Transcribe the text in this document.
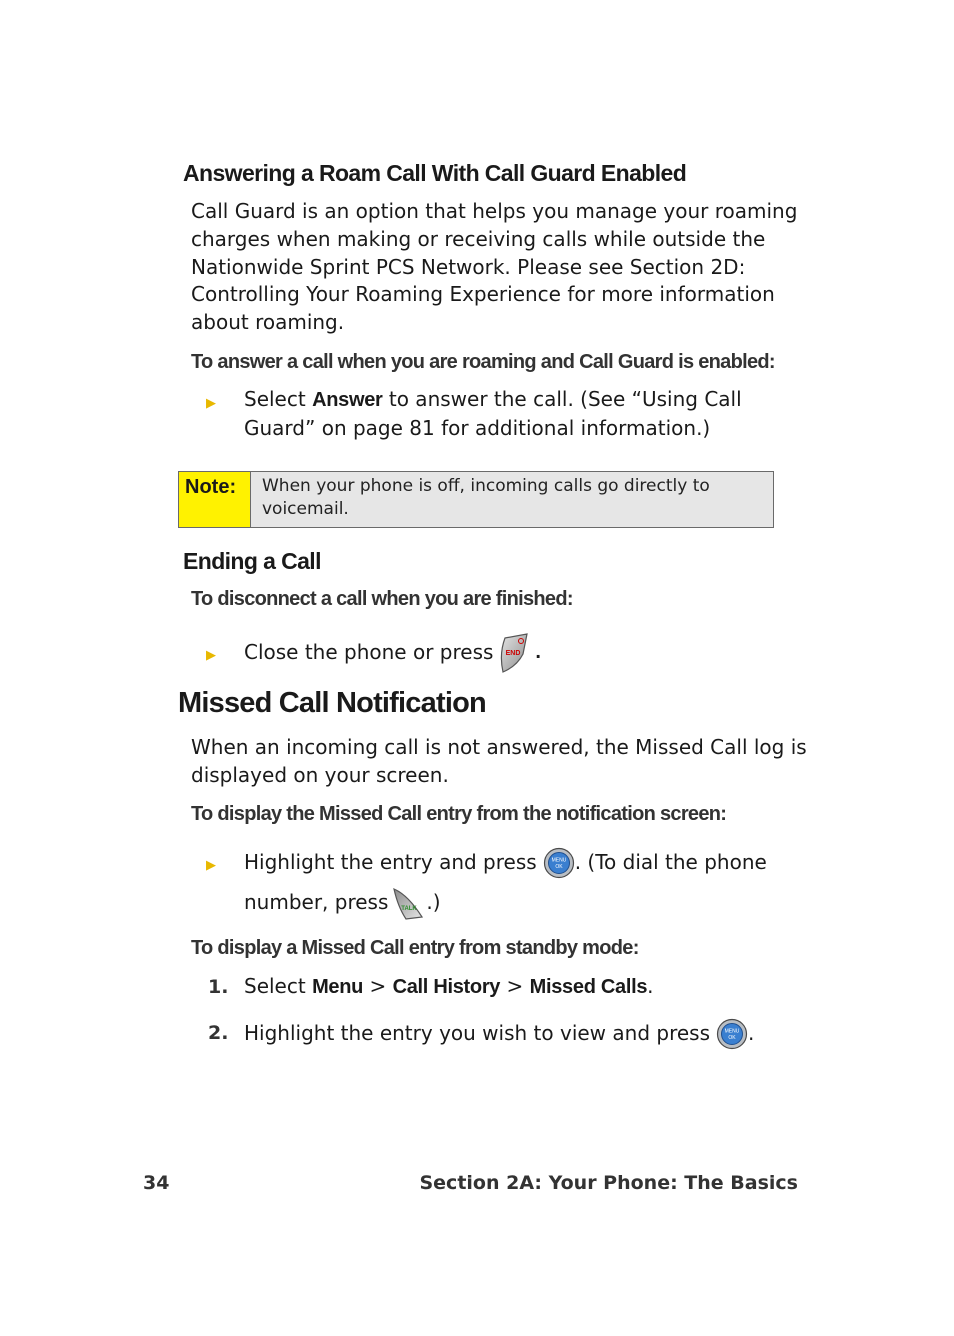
Answering a Roam Call With Call Guard Enabled
Call Guard is an option that helps you manage your roaming
charges when making or receiving calls while outside the
Nationwide Sprint PCS Network. Please see Section 2D:
Controlling Your Roaming Experience for more information
about roaming.
To answer a call when you are roaming and Call Guard is enabled:
▶ Select Answer to answer the call. (See “Using Call
Guard” on page 81 for additional information.)
Note:	When your phone is off, incoming calls go directly to
voicemail.
Ending a Call
To disconnect a call when you are finished:
▶ Close the phone or press END .
Missed Call Notification
When an incoming call is not answered, the Missed Call log is
displayed on your screen.
To display the Missed Call entry from the notification screen:
▶ Highlight the entry and press	MENU
OK . (To dial the phone
number, press TALK .)
To display a Missed Call entry from standby mode:
1. Select Menu > Call History > Missed Calls.
2. Highlight the entry you wish to view and press	MENU
OK .
34	Section 2A: Your Phone: The Basics
